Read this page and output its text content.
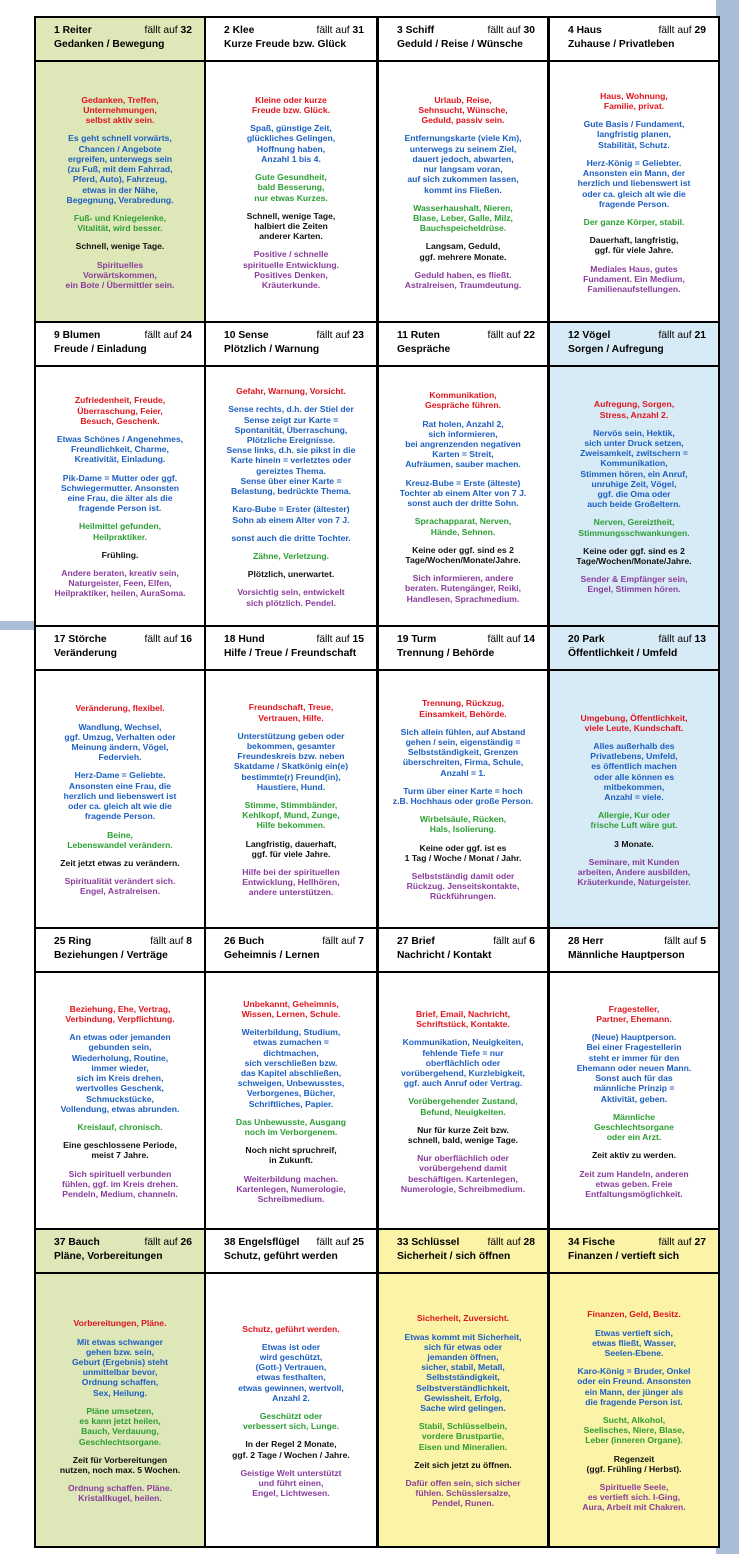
1 Reiter	fällt auf 32
Gedanken / Bewegung
Gedanken, Treffen,
Unternehmungen,
selbst aktiv sein.
Es geht schnell vorwärts,
Chancen / Angebote
ergreifen, unterwegs sein
(zu Fuß, mit dem Fahrrad,
Pferd, Auto), Fahrzeug,
etwas in der Nähe,
Begegnung, Verabredung.
Fuß- und Kniegelenke,
Vitalität, wird besser.
Schnell, wenige Tage.
Spirituelles
Vorwärtskommen,
ein Bote / Übermittler sein.
2 Klee	fällt auf 31
Kurze Freude bzw. Glück
Kleine oder kurze
Freude bzw. Glück.
Spaß, günstige Zeit,
glückliches Gelingen,
Hoffnung haben,
Anzahl 1 bis 4.
Gute Gesundheit,
bald Besserung,
nur etwas Kurzes.
Schnell, wenige Tage,
halbiert die Zeiten
anderer Karten.
Positive / schnelle
spirituelle Entwicklung.
Positives Denken,
Kräuterkunde.
3 Schiff	fällt auf 30
Geduld / Reise / Wünsche
Urlaub, Reise,
Sehnsucht, Wünsche,
Geduld, passiv sein.
Entfernungskarte (viele Km),
unterwegs zu seinem Ziel,
dauert jedoch, abwarten,
nur langsam voran,
auf sich zukommen lassen,
kommt ins Fließen.
Wasserhaushalt, Nieren,
Blase, Leber, Galle, Milz,
Bauchspeicheldrüse.
Langsam, Geduld,
ggf. mehrere Monate.
Geduld haben, es fließt.
Astralreisen, Traumdeutung.
4 Haus	fällt auf 29
Zuhause / Privatleben
Haus, Wohnung,
Familie, privat.
Gute Basis / Fundament,
langfristig planen,
Stabilität, Schutz.
Herz-König = Geliebter.
Ansonsten ein Mann, der
herzlich und liebenswert ist
oder ca. gleich alt wie die
fragende Person.
Der ganze Körper, stabil.
Dauerhaft, langfristig,
ggf. für viele Jahre.
Mediales Haus, gutes
Fundament. Ein Medium,
Familienaufstellungen.
9 Blumen	fällt auf 24
Freude / Einladung
Zufriedenheit, Freude,
Überraschung, Feier,
Besuch, Geschenk.
Etwas Schönes / Angenehmes,
Freundlichkeit, Charme,
Kreativität, Einladung.
Pik-Dame = Mutter oder ggf.
Schwiegermutter. Ansonsten
eine Frau, die älter als die
fragende Person ist.
Heilmittel gefunden,
Heilpraktiker.
Frühling.
Andere beraten, kreativ sein,
Naturgeister, Feen, Elfen,
Heilpraktiker, heilen, AuraSoma.
10 Sense	fällt auf 23
Plötzlich / Warnung
Gefahr, Warnung, Vorsicht.
Sense rechts, d.h. der Stiel der
Sense zeigt zur Karte =
Spontanität, Überraschung,
Plötzliche Ereignisse.
Sense links, d.h. sie pikst in die
Karte hinein = verletztes oder
gereiztes Thema.
Sense über einer Karte =
Belastung, bedrückte Thema.
Karo-Bube = Erster (ältester)
Sohn ab einem Alter von 7 J.
sonst auch die dritte Tochter.
Zähne, Verletzung.
Plötzlich, unerwartet.
Vorsichtig sein, entwickelt
sich plötzlich. Pendel.
11 Ruten	fällt auf 22
Gespräche
Kommunikation,
Gespräche führen.
Rat holen, Anzahl 2,
sich informieren,
bei angrenzenden negativen
Karten = Streit,
Aufräumen, sauber machen.
Kreuz-Bube = Erste (älteste)
Tochter ab einem Alter von 7 J.
sonst auch der dritte Sohn.
Sprachapparat, Nerven,
Hände, Sehnen.
Keine oder ggf. sind es 2
Tage/Wochen/Monate/Jahre.
Sich informieren, andere
beraten. Rutengänger, Reiki,
Handlesen, Sprachmedium.
12 Vögel	fällt auf 21
Sorgen / Aufregung
Aufregung, Sorgen,
Stress, Anzahl 2.
Nervös sein, Hektik,
sich unter Druck setzen,
Zweisamkeit, zwitschern =
Kommunikation,
Stimmen hören, ein Anruf,
unruhige Zeit, Vögel,
ggf. die Oma oder
auch beide Großeltern.
Nerven, Gereiztheit,
Stimmungsschwankungen.
Keine oder ggf. sind es 2
Tage/Wochen/Monate/Jahre.
Sender & Empfänger sein,
Engel, Stimmen hören.
17 Störche	fällt auf 16
Veränderung
Veränderung, flexibel.
Wandlung, Wechsel,
ggf. Umzug, Verhalten oder
Meinung ändern, Vögel,
Federvieh.
Herz-Dame = Geliebte.
Ansonsten eine Frau, die
herzlich und liebenswert ist
oder ca. gleich alt wie die
fragende Person.
Beine,
Lebenswandel verändern.
Zeit jetzt etwas zu verändern.
Spiritualität verändert sich.
Engel, Astralreisen.
18 Hund	fällt auf 15
Hilfe / Treue / Freundschaft
Freundschaft, Treue,
Vertrauen, Hilfe.
Unterstützung geben oder
bekommen, gesamter
Freundeskreis bzw. neben
Skatdame / Skatkönig ein(e)
bestimmte(r) Freund(in),
Haustiere, Hund.
Stimme, Stimmbänder,
Kehlkopf, Mund, Zunge,
Hilfe bekommen.
Langfristig, dauerhaft,
ggf. für viele Jahre.
Hilfe bei der spirituellen
Entwicklung, Hellhören,
andere unterstützen.
19 Turm	fällt auf 14
Trennung / Behörde
Trennung, Rückzug,
Einsamkeit, Behörde.
Sich allein fühlen, auf Abstand
gehen / sein, eigenständig =
Selbstständigkeit, Grenzen
überschreiten, Firma, Schule,
Anzahl = 1.
Turm über einer Karte = hoch
z.B. Hochhaus oder große Person.
Wirbelsäule, Rücken,
Hals, Isolierung.
Keine oder ggf. ist es
1 Tag / Woche / Monat / Jahr.
Selbstständig damit oder
Rückzug. Jenseitskontakte,
Rückführungen.
20 Park	fällt auf 13
Öffentlichkeit / Umfeld
Umgebung, Öffentlichkeit,
viele Leute, Kundschaft.
Alles außerhalb des
Privatlebens, Umfeld,
es öffentlich machen
oder alle können es
mitbekommen,
Anzahl = viele.
Allergie, Kur oder
frische Luft wäre gut.
3 Monate.
Seminare, mit Kunden
arbeiten, Andere ausbilden,
Kräuterkunde, Naturgeister.
25 Ring	fällt auf 8
Beziehungen / Verträge
Beziehung, Ehe, Vertrag,
Verbindung, Verpflichtung.
An etwas oder jemanden
gebunden sein,
Wiederholung, Routine,
immer wieder,
sich im Kreis drehen,
wertvolles Geschenk,
Schmuckstücke,
Vollendung, etwas abrunden.
Kreislauf, chronisch.
Eine geschlossene Periode,
meist 7 Jahre.
Sich spirituell verbunden
fühlen, ggf. im Kreis drehen.
Pendeln, Medium, channeln.
26 Buch	fällt auf 7
Geheimnis / Lernen
Unbekannt, Geheimnis,
Wissen, Lernen, Schule.
Weiterbildung, Studium,
etwas zumachen =
dichtmachen,
sich verschließen bzw.
das Kapitel abschließen,
schweigen, Unbewusstes,
Verborgenes, Bücher,
Schriftliches, Papier.
Das Unbewusste, Ausgang
noch im Verborgenem.
Noch nicht spruchreif,
in Zukunft.
Weiterbildung machen.
Kartenlegen, Numerologie,
Schreibmedium.
27 Brief	fällt auf 6
Nachricht / Kontakt
Brief, Email, Nachricht,
Schriftstück, Kontakte.
Kommunikation, Neuigkeiten,
fehlende Tiefe = nur
oberflächlich oder
vorübergehend, Kurzlebigkeit,
ggf. auch Anruf oder Vertrag.
Vorübergehender Zustand,
Befund, Neuigkeiten.
Nur für kurze Zeit bzw.
schnell, bald, wenige Tage.
Nur oberflächlich oder
vorübergehend damit
beschäftigen. Kartenlegen,
Numerologie, Schreibmedium.
28 Herr	fällt auf 5
Männliche Hauptperson
Fragesteller,
Partner, Ehemann.
(Neue) Hauptperson.
Bei einer Fragestellerin
steht er immer für den
Ehemann oder neuen Mann.
Sonst auch für das
männliche Prinzip =
Aktivität, geben.
Männliche
Geschlechtsorgane
oder ein Arzt.
Zeit aktiv zu werden.
Zeit zum Handeln, anderen
etwas geben. Freie
Entfaltungsmöglichkeit.
37 Bauch	fällt auf 26
Pläne, Vorbereitungen
Vorbereitungen, Pläne.
Mit etwas schwanger
gehen bzw. sein,
Geburt (Ergebnis) steht
unmittelbar bevor,
Ordnung schaffen,
Sex, Heilung.
Pläne umsetzen,
es kann jetzt heilen,
Bauch, Verdauung,
Geschlechtsorgane.
Zeit für Vorbereitungen
nutzen, noch max. 5 Wochen.
Ordnung schaffen. Pläne.
Kristallkugel, heilen.
38 Engelsflügel fällt auf 25
Schutz, geführt werden
Schutz, geführt werden.
Etwas ist oder
wird geschützt,
(Gott-) Vertrauen,
etwas festhalten,
etwas gewinnen, wertvoll,
Anzahl 2.
Geschützt oder
verbessert sich, Lunge.
In der Regel 2 Monate,
ggf. 2 Tage / Wochen / Jahre.
Geistige Welt unterstützt
und führt einen,
Engel, Lichtwesen.
33 Schlüssel	fällt auf 28
Sicherheit / sich öffnen
Sicherheit, Zuversicht.
Etwas kommt mit Sicherheit,
sich für etwas oder
jemanden öffnen,
sicher, stabil, Metall,
Selbstständigkeit,
Selbstverständlichkeit,
Gewissheit, Erfolg,
Sache wird gelingen.
Stabil, Schlüsselbein,
vordere Brustpartie,
Eisen und Mineralien.
Zeit sich jetzt zu öffnen.
Dafür offen sein, sich sicher
fühlen. Schüsslersalze,
Pendel, Runen.
34 Fische	fällt auf 27
Finanzen / vertieft sich
Finanzen, Geld, Besitz.
Etwas vertieft sich,
etwas fließt, Wasser,
Seelen-Ebene.
Karo-König = Bruder, Onkel
oder ein Freund. Ansonsten
ein Mann, der jünger als
die fragende Person ist.
Sucht, Alkohol,
Seelisches, Niere, Blase,
Leber (inneren Organe).
Regenzeit
(ggf. Frühling / Herbst).
Spirituelle Seele,
es vertieft sich. I-Ging,
Aura, Arbeit mit Chakren.
